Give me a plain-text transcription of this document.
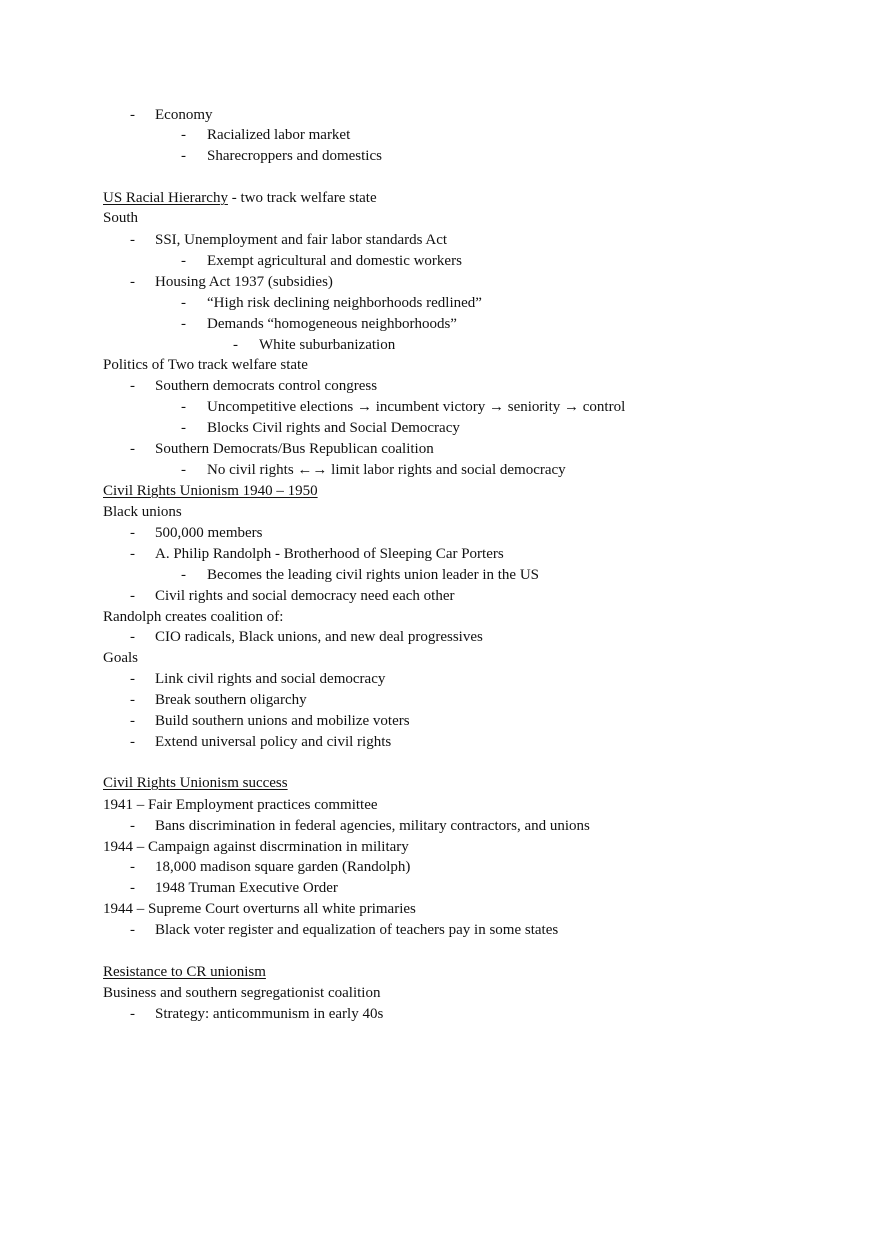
-	Economy
-	Racialized labor market
-	Sharecroppers and domestics
US Racial Hierarchy - two track welfare state
South
-	SSI, Unemployment and fair labor standards Act
-	Exempt agricultural and domestic workers
-	Housing Act 1937 (subsidies)
-	“High risk declining neighborhoods redlined”
-	Demands “homogeneous neighborhoods”
-	White suburbanization
Politics of Two track welfare state
-	Southern democrats control congress
-	Uncompetitive elections → incumbent victory → seniority → control
-	Blocks Civil rights and Social Democracy
-	Southern Democrats/Bus Republican coalition
-	No civil rights ←→ limit labor rights and social democracy
Civil Rights Unionism 1940 – 1950
Black unions
-	500,000 members
-	A. Philip Randolph - Brotherhood of Sleeping Car Porters
-	Becomes the leading civil rights union leader in the US
-	Civil rights and social democracy need each other
Randolph creates coalition of:
-	CIO radicals, Black unions, and new deal progressives
Goals
-	Link civil rights and social democracy
-	Break southern oligarchy
-	Build southern unions and mobilize voters
-	Extend universal policy and civil rights
Civil Rights Unionism success
1941 – Fair Employment practices committee
-	Bans discrimination in federal agencies, military contractors, and unions
1944 – Campaign against discrmination in military
-	18,000 madison square garden (Randolph)
-	1948 Truman Executive Order
1944 – Supreme Court overturns all white primaries
-	Black voter register and equalization of teachers pay in some states
Resistance to CR unionism
Business and southern segregationist coalition
-	Strategy: anticommunism in early 40s
